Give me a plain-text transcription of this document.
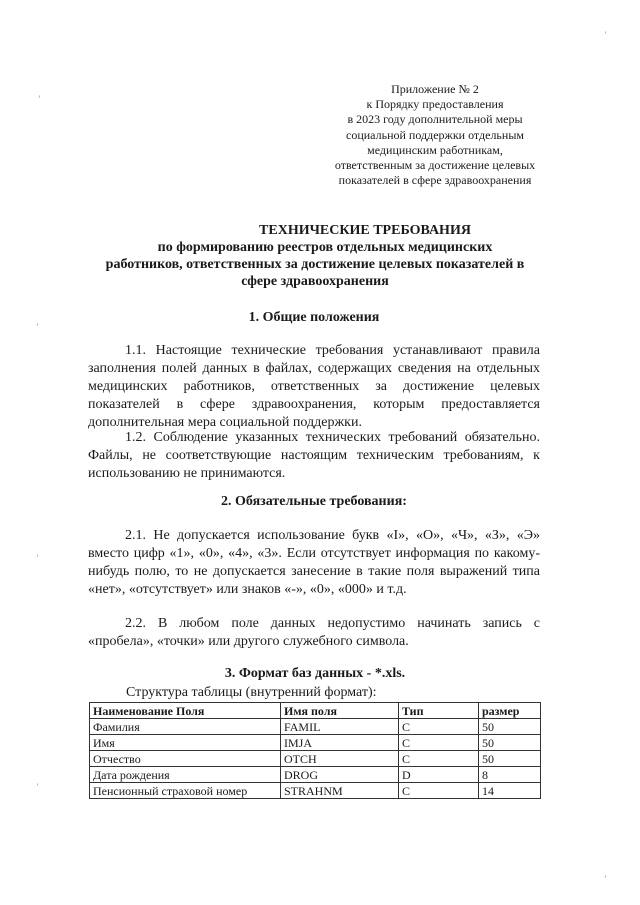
Приложение № 2
к Порядку предоставления
в 2023 году дополнительной меры
социальной поддержки отдельным
медицинским работникам,
ответственным за достижение целевых
показателей в сфере здравоохранения
ТЕХНИЧЕСКИЕ ТРЕБОВАНИЯ
по формированию реестров отдельных медицинских
работников, ответственных за достижение целевых показателей в
сфере здравоохранения
1. Общие положения
1.1. Настоящие технические требования устанавливают правила заполнения полей данных в файлах, содержащих сведения на отдельных медицинских работников, ответственных за достижение целевых показателей в сфере здравоохранения, которым предоставляется дополнительная мера социальной поддержки.
1.2. Соблюдение указанных технических требований обязательно. Файлы, не соответствующие настоящим техническим требованиям, к использованию не принимаются.
2. Обязательные требования:
2.1. Не допускается использование букв «I», «О», «Ч», «З», «Э» вместо цифр «1», «0», «4», «3». Если отсутствует информация по какому-нибудь полю, то не допускается занесение в такие поля выражений типа «нет», «отсутствует» или знаков «-», «0», «000» и т.д.
2.2. В любом поле данных недопустимо начинать запись с «пробела», «точки» или другого служебного символа.
3. Формат баз данных - *.xls.
Структура таблицы (внутренний формат):
Наименование Поля	Имя поля	Тип	размер
Фамилия	FAMIL	C	50
Имя	IMJA	C	50
Отчество	OTCH	C	50
Дата рождения	DROG	D	8
Пенсионный страховой номер	STRAHNM	C	14
ʼ
ʼ
ʼ
ʼ
ʼ
ʼ
